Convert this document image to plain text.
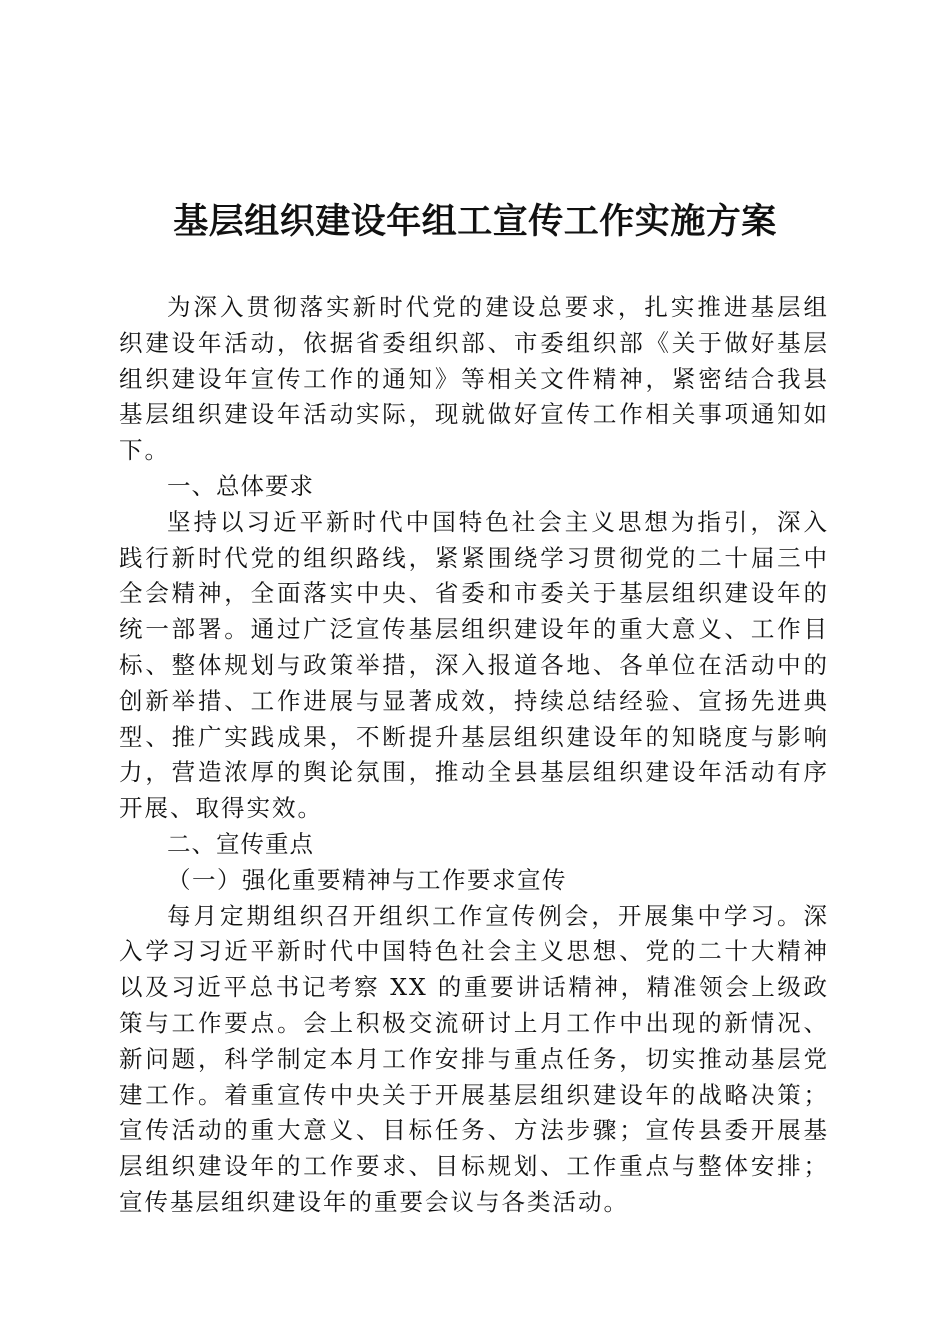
基层组织建设年组工宣传工作实施方案

为深入贯彻落实新时代党的建设总要求，扎实推进基层组织建设年活动，依据省委组织部、市委组织部《关于做好基层组织建设年宣传工作的通知》等相关文件精神，紧密结合我县基层组织建设年活动实际，现就做好宣传工作相关事项通知如下。

一、总体要求

坚持以习近平新时代中国特色社会主义思想为指引，深入践行新时代党的组织路线，紧紧围绕学习贯彻党的二十届三中全会精神，全面落实中央、省委和市委关于基层组织建设年的统一部署。通过广泛宣传基层组织建设年的重大意义、工作目标、整体规划与政策举措，深入报道各地、各单位在活动中的创新举措、工作进展与显著成效，持续总结经验、宣扬先进典型、推广实践成果，不断提升基层组织建设年的知晓度与影响力，营造浓厚的舆论氛围，推动全县基层组织建设年活动有序开展、取得实效。

二、宣传重点

（一）强化重要精神与工作要求宣传

每月定期组织召开组织工作宣传例会，开展集中学习。深入学习习近平新时代中国特色社会主义思想、党的二十大精神以及习近平总书记考察 XX 的重要讲话精神，精准领会上级政策与工作要点。会上积极交流研讨上月工作中出现的新情况、新问题，科学制定本月工作安排与重点任务，切实推动基层党建工作。着重宣传中央关于开展基层组织建设年的战略决策；宣传活动的重大意义、目标任务、方法步骤；宣传县委开展基层组织建设年的工作要求、目标规划、工作重点与整体安排；宣传基层组织建设年的重要会议与各类活动。
